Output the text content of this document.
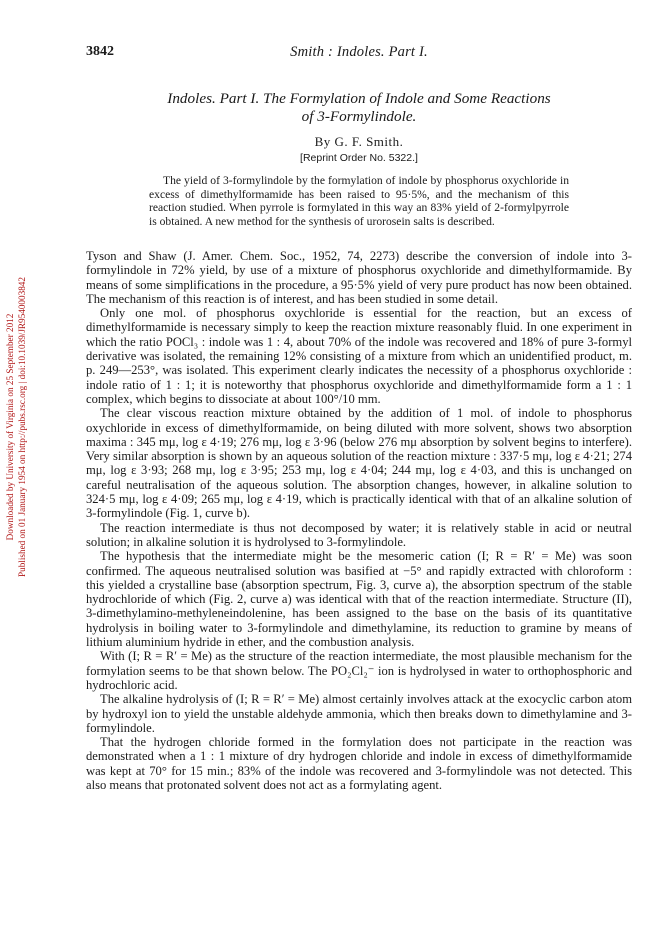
3842	Smith : Indoles. Part I.
Downloaded by University of Virginia on 25 September 2012 Published on 01 January 1954 on http://pubs.rsc.org | doi:10.1039/JR9540003842
Indoles. Part I. The Formylation of Indole and Some Reactions
of 3-Formylindole.
By G. F. Smith.
[Reprint Order No. 5322.]

The yield of 3-formylindole by the formylation of indole by phosphorus oxychloride in excess of dimethylformamide has been raised to 95·5%, and the mechanism of this reaction studied. When pyrrole is formylated in this way an 83% yield of 2-formylpyrrole is obtained. A new method for the synthesis of urorosein salts is described.

Tyson and Shaw (J. Amer. Chem. Soc., 1952, 74, 2273) describe the conversion of indole into 3-formylindole in 72% yield, by use of a mixture of phosphorus oxychloride and dimethylformamide. By means of some simplifications in the procedure, a 95·5% yield of very pure product has now been obtained. The mechanism of this reaction is of interest, and has been studied in some detail.

Only one mol. of phosphorus oxychloride is essential for the reaction, but an excess of dimethylformamide is necessary simply to keep the reaction mixture reasonably fluid. In one experiment in which the ratio POCl₃ : indole was 1 : 4, about 70% of the indole was recovered and 18% of pure 3-formyl derivative was isolated, the remaining 12% consisting of a mixture from which an unidentified product, m. p. 249—253°, was isolated. This experiment clearly indicates the necessity of a phosphorus oxychloride : indole ratio of 1 : 1; it is noteworthy that phosphorus oxychloride and dimethylformamide form a 1 : 1 complex, which begins to dissociate at about 100°/10 mm.

The clear viscous reaction mixture obtained by the addition of 1 mol. of indole to phosphorus oxychloride in excess of dimethylformamide, on being diluted with more solvent, shows two absorption maxima : 345 mμ, log ε 4·19; 276 mμ, log ε 3·96 (below 276 mμ absorption by solvent begins to interfere). Very similar absorption is shown by an aqueous solution of the reaction mixture : 337·5 mμ, log ε 4·21; 274 mμ, log ε 3·93; 268 mμ, log ε 3·95; 253 mμ, log ε 4·04; 244 mμ, log ε 4·03, and this is unchanged on careful neutralisation of the aqueous solution. The absorption changes, however, in alkaline solution to 324·5 mμ, log ε 4·09; 265 mμ, log ε 4·19, which is practically identical with that of an alkaline solution of 3-formylindole (Fig. 1, curve b).

The reaction intermediate is thus not decomposed by water; it is relatively stable in acid or neutral solution; in alkaline solution it is hydrolysed to 3-formylindole.

The hypothesis that the intermediate might be the mesomeric cation (I; R = R′ = Me) was soon confirmed. The aqueous neutralised solution was basified at −5° and rapidly extracted with chloroform : this yielded a crystalline base (absorption spectrum, Fig. 3, curve a), the absorption spectrum of the stable hydrochloride of which (Fig. 2, curve a) was identical with that of the reaction intermediate. Structure (II), 3-dimethylamino-methyleneindolenine, has been assigned to the base on the basis of its quantitative hydrolysis in boiling water to 3-formylindole and dimethylamine, its reduction to gramine by means of lithium aluminium hydride in ether, and the combustion analysis.

With (I; R = R′ = Me) as the structure of the reaction intermediate, the most plausible mechanism for the formylation seems to be that shown below. The PO₂Cl₂⁻ ion is hydrolysed in water to orthophosphoric and hydrochloric acid.

The alkaline hydrolysis of (I; R = R′ = Me) almost certainly involves attack at the exocyclic carbon atom by hydroxyl ion to yield the unstable aldehyde ammonia, which then breaks down to dimethylamine and 3-formylindole.

That the hydrogen chloride formed in the formylation does not participate in the reaction was demonstrated when a 1 : 1 mixture of dry hydrogen chloride and indole in excess of dimethylformamide was kept at 70° for 15 min.; 83% of the indole was recovered and 3-formylindole was not detected. This also means that protonated solvent does not act as a formylating agent.
